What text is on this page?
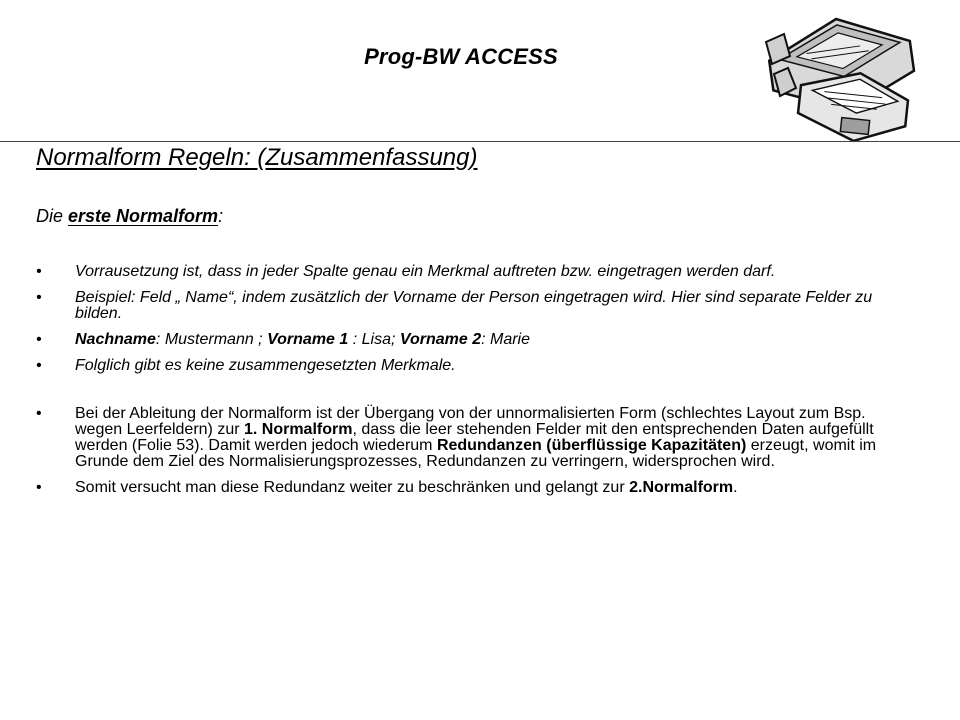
Prog-BW ACCESS
Normalform Regeln: (Zusammenfassung)
Die erste Normalform:
• Vorrausetzung ist, dass in jeder Spalte genau ein Merkmal auftreten bzw. eingetragen werden darf.
• Beispiel: Feld „ Name“, indem zusätzlich der Vorname der Person eingetragen wird. Hier sind separate Felder zu bilden.
• Nachname: Mustermann ; Vorname 1 : Lisa; Vorname 2: Marie
• Folglich gibt es keine zusammengesetzten Merkmale.
• Bei der Ableitung der Normalform ist der Übergang von der unnormalisierten Form (schlechtes Layout zum Bsp. wegen Leerfeldern) zur 1. Normalform, dass die leer stehenden Felder mit den entsprechenden Daten aufgefüllt werden (Folie 53). Damit werden jedoch wiederum Redundanzen (überflüssige Kapazitäten) erzeugt, womit im Grunde dem Ziel des Normalisierungsprozesses, Redundanzen zu verringern, widersprochen wird.
• Somit versucht man diese Redundanz weiter zu beschränken und gelangt zur 2.Normalform.
